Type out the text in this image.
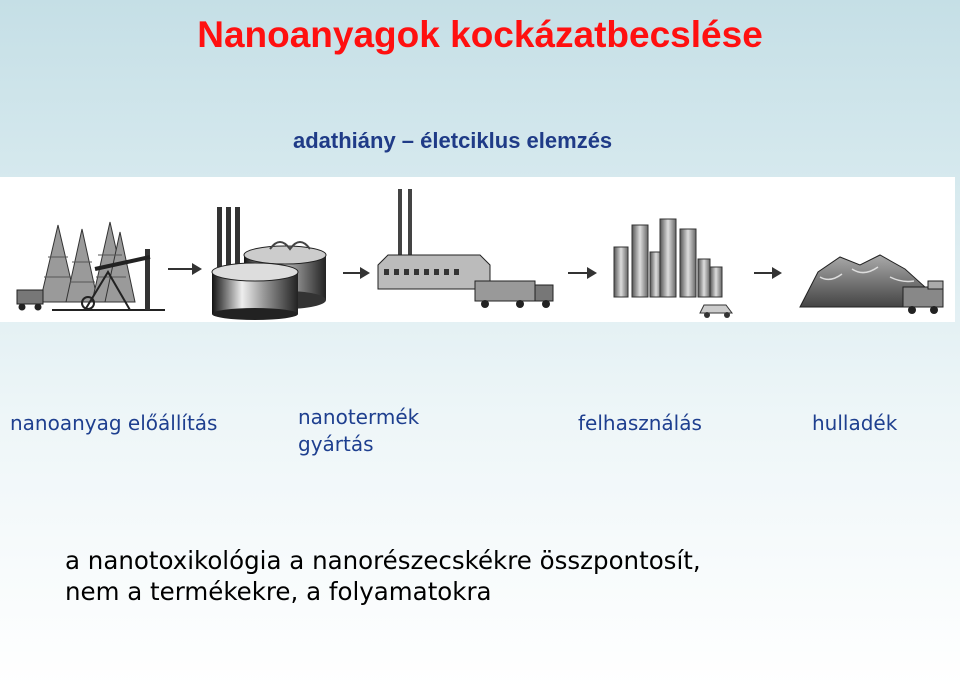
Nanoanyagok kockázatbecslése
adathiány – életciklus elemzés
nanoanyag előállítás	nanotermék
gyártás
felhasználás	hulladék
a nanotoxikológia a nanorészecskékre összpontosít,
nem a termékekre, a folyamatokra
